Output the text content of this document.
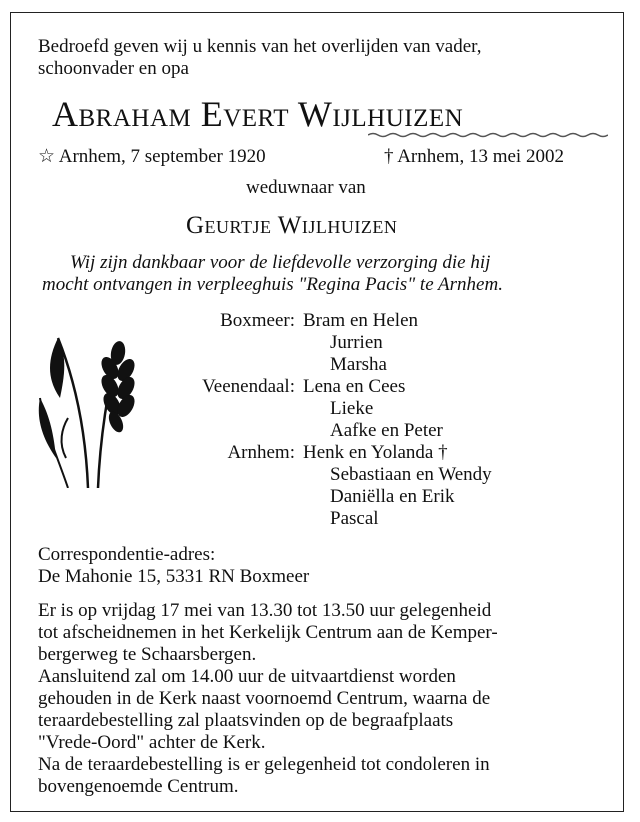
Bedroefd geven wij u kennis van het overlijden van vader,
schoonvader en opa
Abraham Evert Wijlhuizen
☆ Arnhem, 7 september 1920	† Arnhem, 13 mei 2002
weduwnaar van
Geurtje Wijlhuizen
Wij zijn dankbaar voor de liefdevolle verzorging die hij
mocht ontvangen in verpleeghuis "Regina Pacis" te Arnhem.
Boxmeer: Bram en Helen
Jurrien
Marsha
Veenendaal: Lena en Cees
Lieke
Aafke en Peter
Arnhem: Henk en Yolanda †
Sebastiaan en Wendy
Daniëlla en Erik
Pascal
Correspondentie-adres:
De Mahonie 15, 5331 RN Boxmeer
Er is op vrijdag 17 mei van 13.30 tot 13.50 uur gelegenheid
tot afscheidnemen in het Kerkelijk Centrum aan de Kemper-
bergerweg te Schaarsbergen.
Aansluitend zal om 14.00 uur de uitvaartdienst worden
gehouden in de Kerk naast voornoemd Centrum, waarna de
teraardebestelling zal plaatsvinden op de begraafplaats
"Vrede-Oord" achter de Kerk.
Na de teraardebestelling is er gelegenheid tot condoleren in
bovengenoemde Centrum.
